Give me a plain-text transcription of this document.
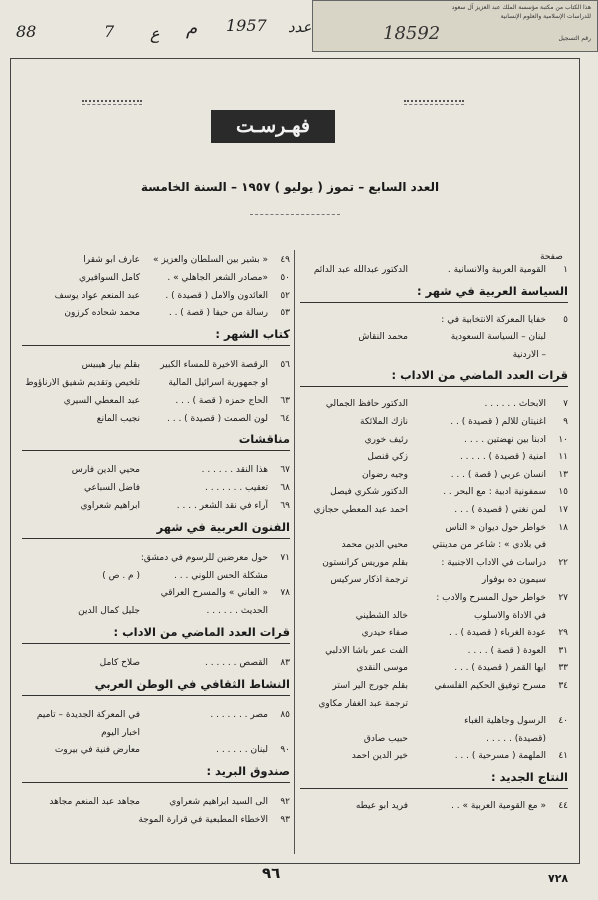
88	7 ع م 1957 عدد
هذا الكتاب من مكتبة مؤسسة الملك عبد العزيز آل سعود
للدراسات الإسلامية والعلوم الإنسانية
رقم التسجيل
18592
فهـرسـت
العدد السابع – تموز ( يوليو ) ١٩٥٧ – السنة الخامسة
صفحة
١
القومية العربية والانسانية .
الدكتور عبدالله عبد الدائم
السياسة العربية في شهر :
٥
خفايا المعركة الانتخابية في :
لبنان – السياسة السعودية
محمد النقاش
– الاردنية
قرات العدد الماضي من الاداب :
٧
الابحاث . . . . . .
الدكتور حافظ الجمالي
٩
اغنيتان للالم ( قصيدة ) . .
نازك الملائكة
١٠
ادبنا بين نهضتين . . . .
رئيف خوري
١١
امنية ( قصيدة ) . . . . .
زكي قنصل
١٣
انسان عربي ( قصة ) . . .
وجيه رضوان
١٥
سمفونية ادبية : مع البحر . .
الدكتور شكري فيصل
١٧
لمن نغني ( قصيدة ) . . .
احمد عبد المعطي حجازي
١٨
خواطر حول ديوان « الناس
في بلادي » : شاعر من مدينتي
محيي الدين محمد
٢٢
دراسات في الاداب الاجنبية :
بقلم موريس كرانستون
سيمون ده بوفوار
ترجمة اذكار سركيس
٢٧
خواطر حول المسرح والادب :
في الاداة والاسلوب
خالد الشطيني
٢٩
عودة الغرباء ( قصيدة ) . .
صفاء حيدري
٣١
العودة ( قصة ) . . . .
الفت عمر باشا الادلبي
٣٣
ايها القمر ( قصيدة ) . . .
موسى النقدي
٣٤
مسرح توفيق الحكيم الفلسفي
بقلم جورج الير استر
ترجمة عبد الغفار مكاوي
٤٠
الرسول وجاهلية الغباء
(قصيدة) . . . . .
حبيب صادق
٤١
الملهمة ( مسرحية ) . . .
خير الدين احمد
النتاج الجديد :
٤٤
« مع القومية العربية » . .
فريد ابو عيطه
٤٩
« بشير بين السلطان والعزيز »
عارف ابو شقرا
٥٠
«مصادر الشعر الجاهلي » .
كامل السوافيري
٥٢
العائدون والامل ( قصيدة ) .
عبد المنعم عواد يوسف
٥٣
رسالة من حيفا ( قصة ) . .
محمد شحاده كرزون
كتاب الشهر :
٥٦
الرقصة الاخيرة للمساء الكبير
بقلم بيار هيبيس
او جمهورية اسرائيل المالية
تلخيص وتقديم شفيق الارناؤوط
٦٣
الحاج حمزه ( قصة ) . . .
عبد المعطي السيري
٦٤
لون الصمت ( قصيدة ) . . .
نجيب المانع
مناقشات
٦٧
هذا النقد . . . . . .
محيي الدين فارس
٦٨
تعقيب . . . . . . .
فاضل السباعي
٦٩
آراء في نقد الشعر . . . .
ابراهيم شعراوي
الفنون العربية في شهر
٧١
حول معرضين للرسوم في دمشق:
مشكلة الحس اللوني . . .
( م . ص )
٧٨
« العاني » والمسرح العراقي
الحديث . . . . . .
جليل كمال الدين
قرات العدد الماضي من الاداب :
٨٣
القصص . . . . . .
صلاح كامل
النشاط الثقافي في الوطن العربي
٨٥
مصر . . . . . . .
في المعركة الجديدة – تاميم
اخبار اليوم
٩٠
لبنان . . . . . .
معارض فنية في بيروت
صندوق البريد :
٩٢
الى السيد ابراهيم شعراوي
مجاهد عبد المنعم مجاهد
٩٣
الاخطاء المطبعية في قرارة الموجة
٩٦	٧٢٨
